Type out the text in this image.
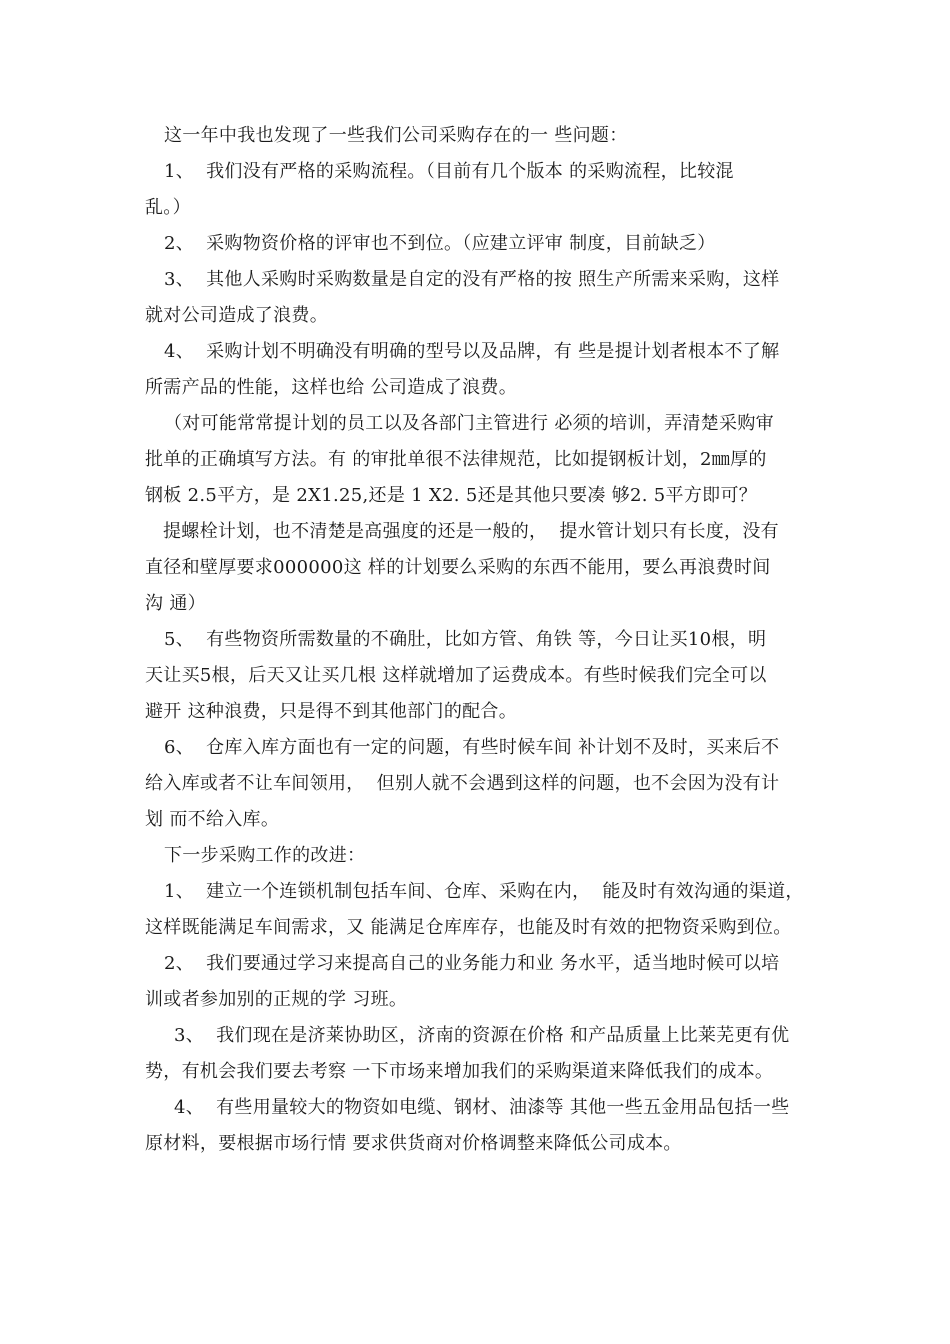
这一年中我也发现了一些我们公司采购存在的一 些问题：
1、  我们没有严格的采购流程。（目前有几个版本 的采购流程，比较混
乱。）
2、  采购物资价格的评审也不到位。（应建立评审 制度，目前缺乏）
3、  其他人采购时采购数量是自定的没有严格的按 照生产所需来采购，这样
就对公司造成了浪费。
4、  采购计划不明确没有明确的型号以及品牌，有 些是提计划者根本不了解
所需产品的性能，这样也给 公司造成了浪费。
（对可能常常提计划的员工以及各部门主管进行 必须的培训，弄清楚采购审
批单的正确填写方法。有 的审批单很不法律规范，比如提钢板计划，2㎜厚的
钢板 2.5平方，是 2X1.25,还是 1 X2. 5还是其他只要凑 够2. 5平方即可？
提螺栓计划，也不清楚是高强度的还是一般的，  提水管计划只有长度，没有
直径和壁厚要求000000这 样的计划要么采购的东西不能用，要么再浪费时间
沟 通）
5、  有些物资所需数量的不确肚，比如方管、角铁 等，今日让买10根，明
天让买5根，后天又让买几根 这样就增加了运费成本。有些时候我们完全可以
避开 这种浪费，只是得不到其他部门的配合。
6、  仓库入库方面也有一定的问题，有些时候车间 补计划不及时，买来后不
给入库或者不让车间领用，  但别人就不会遇到这样的问题，也不会因为没有计
划 而不给入库。
下一步采购工作的改进：
1、  建立一个连锁机制包括车间、仓库、采购在内，  能及时有效沟通的渠道，
这样既能满足车间需求，又 能满足仓库库存，也能及时有效的把物资采购到位。
2、  我们要通过学习来提高自己的业务能力和业 务水平，适当地时候可以培
训或者参加别的正规的学 习班。
3、  我们现在是济莱协助区，济南的资源在价格 和产品质量上比莱芜更有优
势，有机会我们要去考察 一下市场来增加我们的采购渠道来降低我们的成本。
4、  有些用量较大的物资如电缆、钢材、油漆等 其他一些五金用品包括一些
原材料，要根据市场行情 要求供货商对价格调整来降低公司成本。
